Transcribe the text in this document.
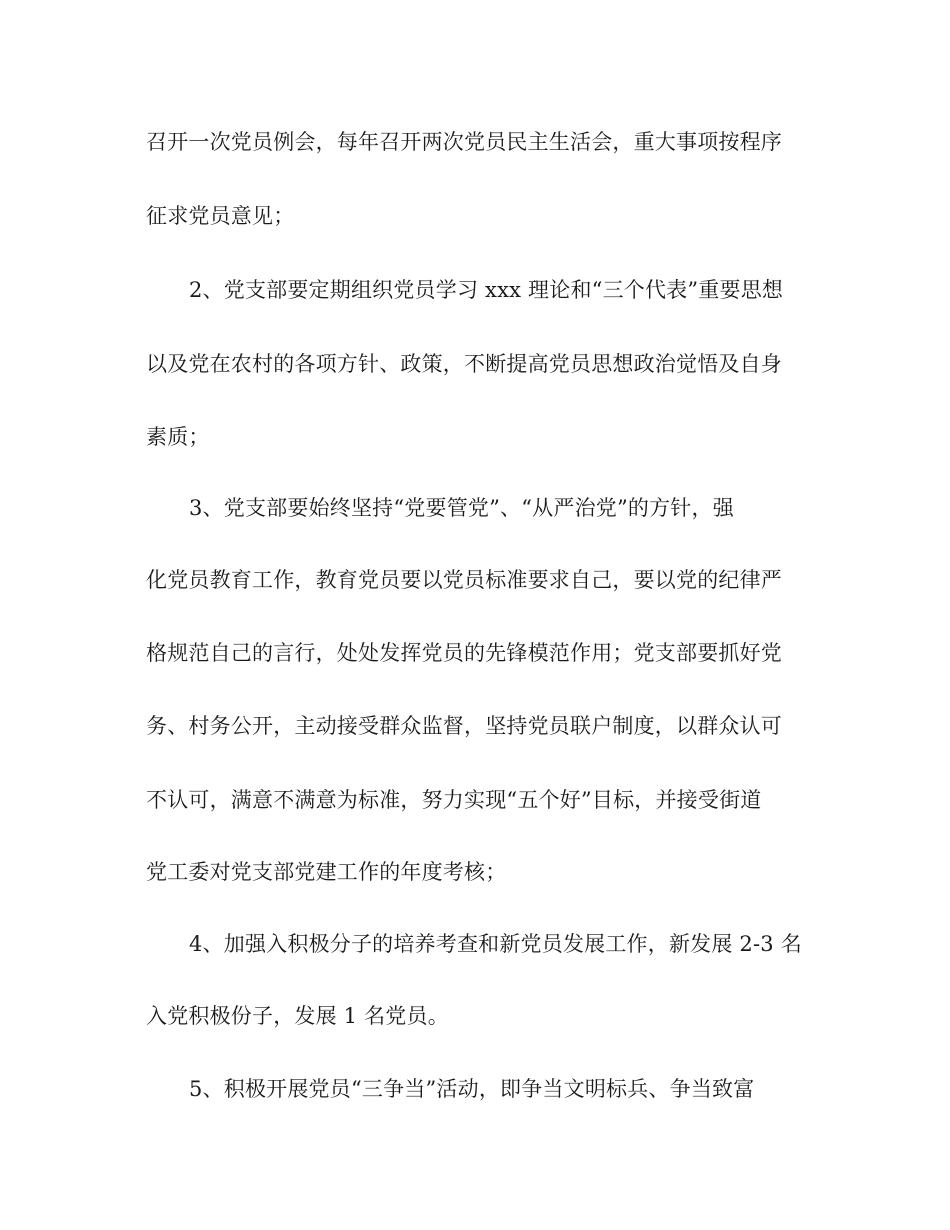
召开一次党员例会，每年召开两次党员民主生活会，重大事项按程序
征求党员意见；
2、党支部要定期组织党员学习 xxx 理论和“三个代表”重要思想
以及党在农村的各项方针、政策，不断提高党员思想政治觉悟及自身
素质；
3、党支部要始终坚持“党要管党”、“从严治党”的方针，强
化党员教育工作，教育党员要以党员标准要求自己，要以党的纪律严
格规范自己的言行，处处发挥党员的先锋模范作用；党支部要抓好党
务、村务公开，主动接受群众监督，坚持党员联户制度，以群众认可
不认可，满意不满意为标准，努力实现“五个好”目标，并接受街道
党工委对党支部党建工作的年度考核；
4、加强入积极分子的培养考查和新党员发展工作，新发展 2-3 名
入党积极份子，发展 1 名党员。
5、积极开展党员“三争当”活动，即争当文明标兵、争当致富
